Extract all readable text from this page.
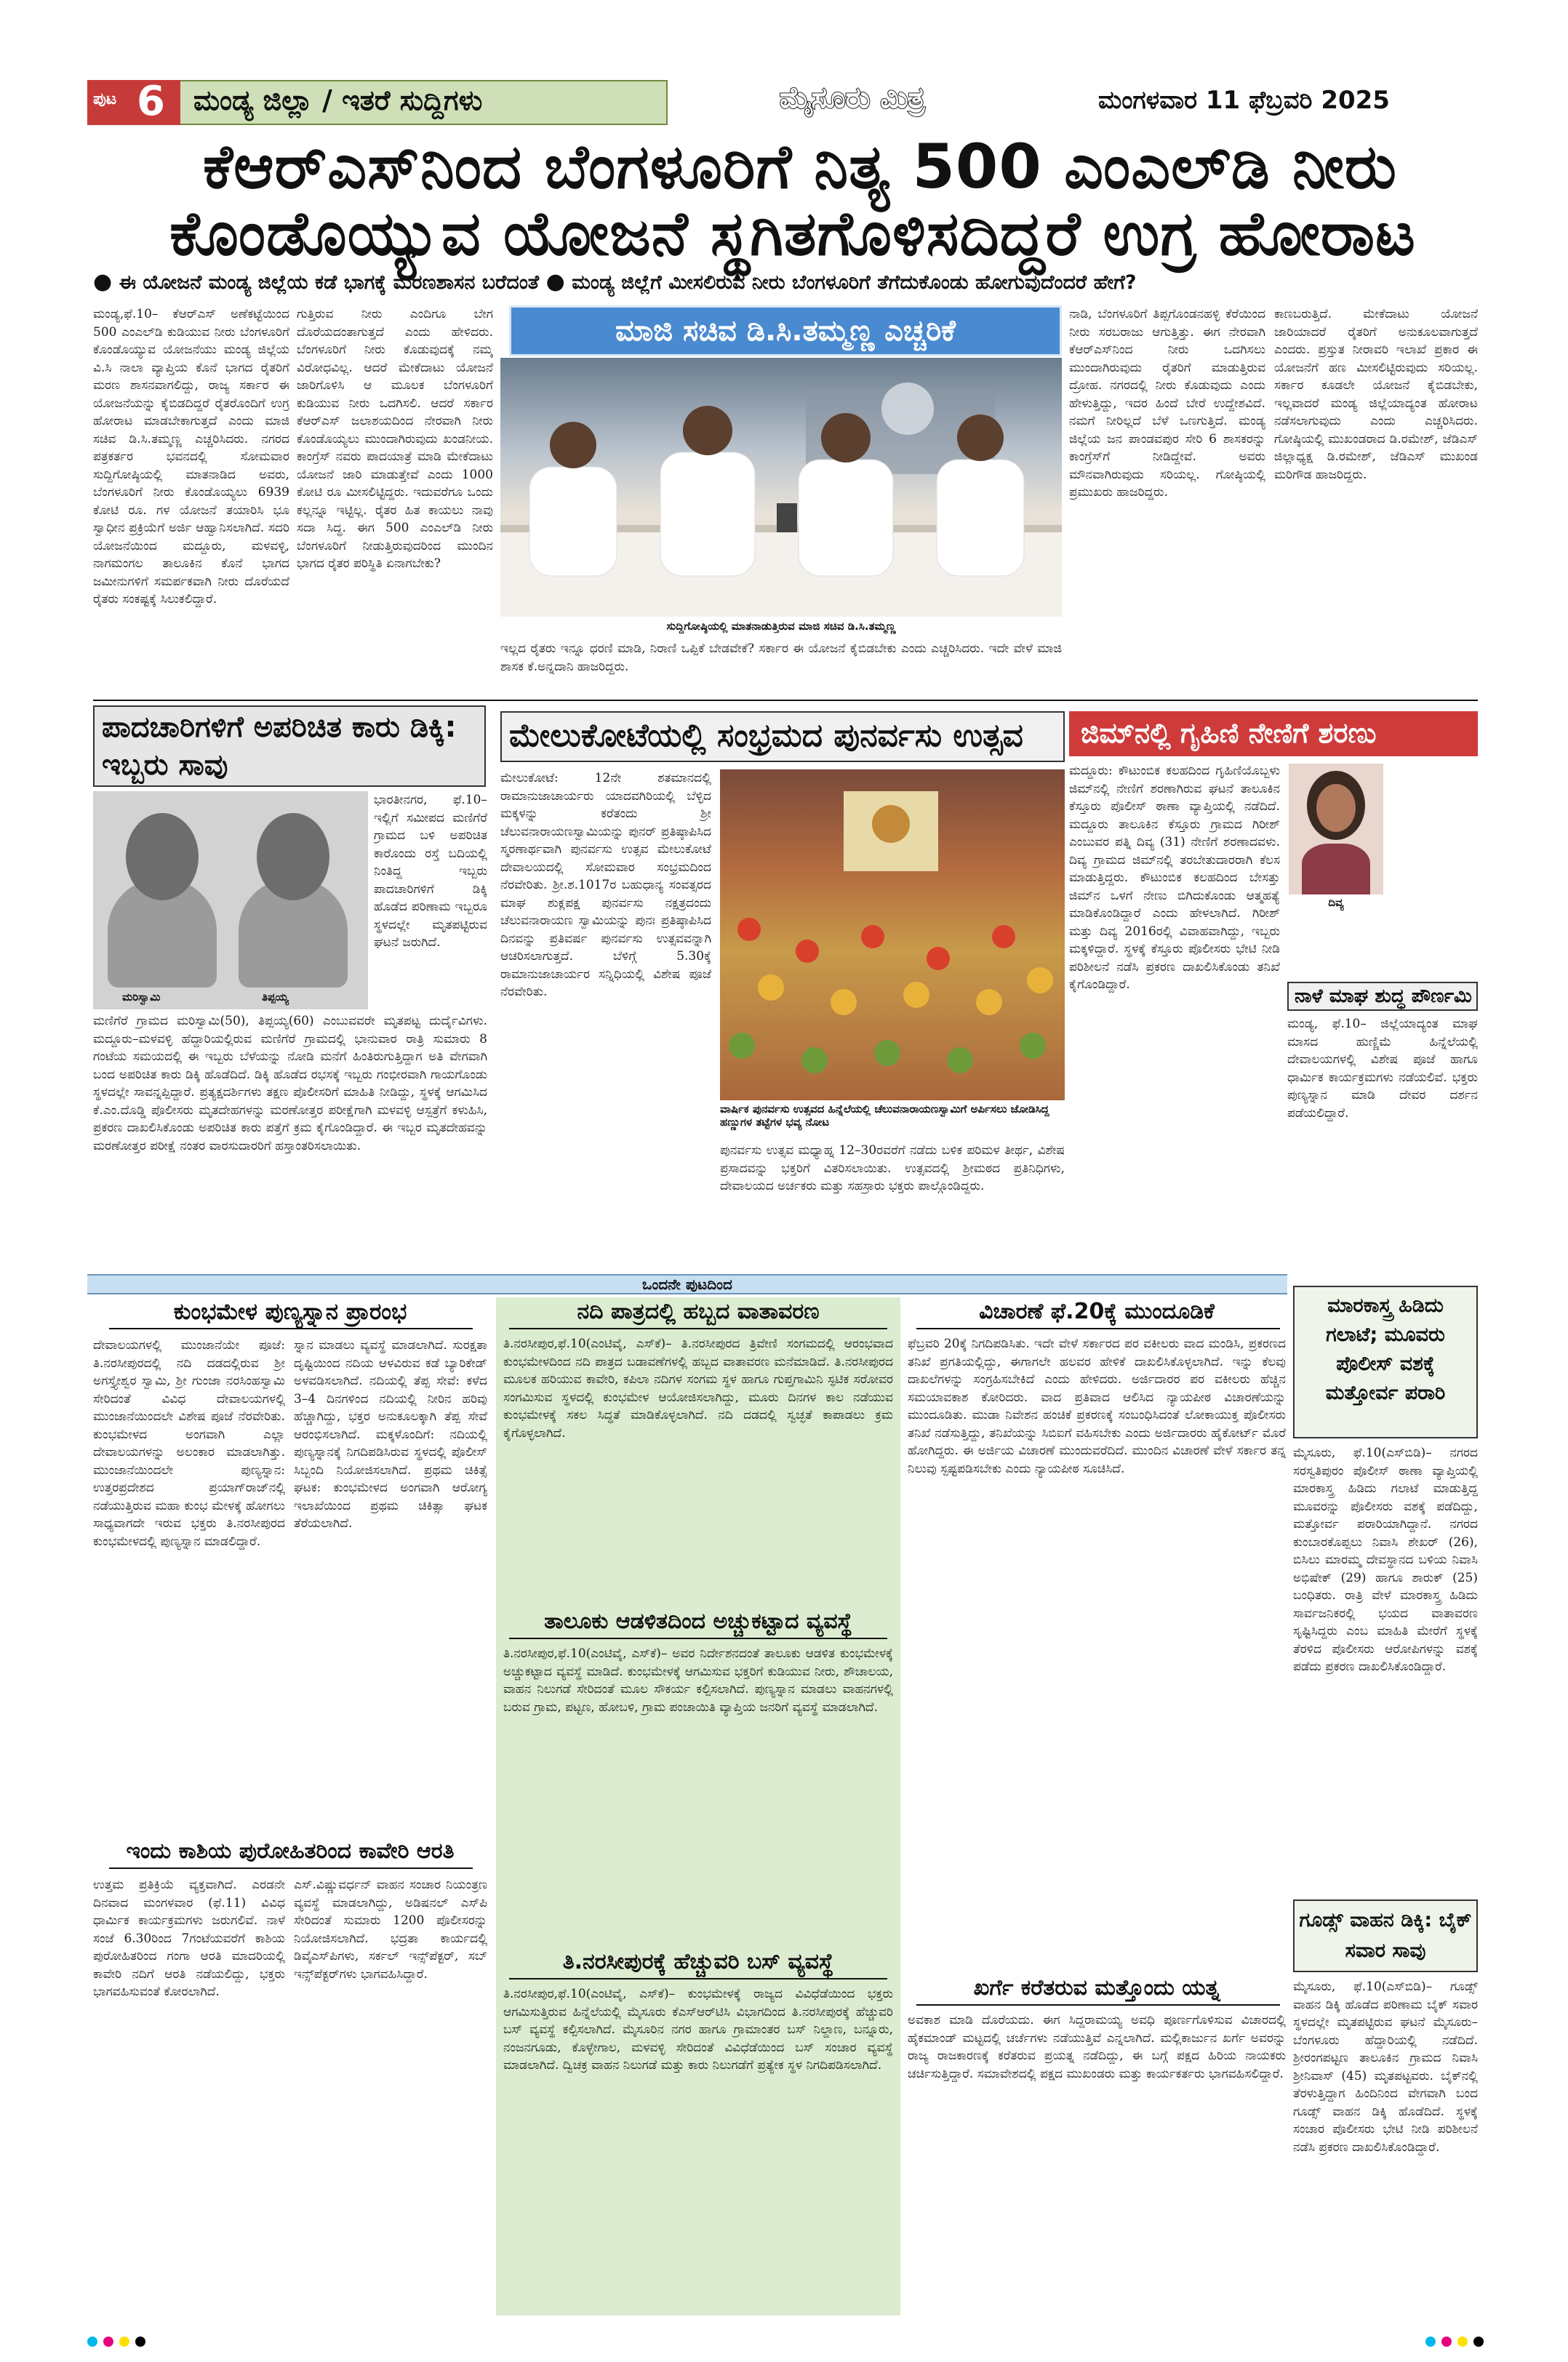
ಪುಟ 6 ಮಂಡ್ಯ ಜಿಲ್ಲಾ / ಇತರೆ ಸುದ್ದಿಗಳು	ಮೈಸೂರು ಮಿತ್ರ	ಮಂಗಳವಾರ 11 ಫೆಬ್ರವರಿ 2025
ಕೆಆರ್‌ಎಸ್‌ನಿಂದ ಬೆಂಗಳೂರಿಗೆ ನಿತ್ಯ 500 ಎಂಎಲ್‌ಡಿ ನೀರು
ಕೊಂಡೊಯ್ಯುವ ಯೋಜನೆ ಸ್ಥಗಿತಗೊಳಿಸದಿದ್ದರೆ ಉಗ್ರ ಹೋರಾಟ
● ಈ ಯೋಜನೆ ಮಂಡ್ಯ ಜಿಲ್ಲೆಯ ಕಡೆ ಭಾಗಕ್ಕೆ ಮರಣಶಾಸನ ಬರೆದಂತೆ ● ಮಂಡ್ಯ ಜಿಲ್ಲೆಗೆ ಮೀಸಲಿರುವ ನೀರು ಬೆಂಗಳೂರಿಗೆ ತೆಗೆದುಕೊಂಡು ಹೋಗುವುದೆಂದರೆ ಹೇಗೆ?
ಮಂಡ್ಯ,ಫೆ.10– ಕೆಆರ್‌ಎಸ್ ಅಣೆಕಟ್ಟೆಯಿಂದ 500 ಎಂಎಲ್‌ಡಿ ಕುಡಿಯುವ ನೀರು ಬೆಂಗಳೂರಿಗೆ ಕೊಂಡೊಯ್ಯುವ ಯೋಜನೆಯು ಮಂಡ್ಯ ಜಿಲ್ಲೆಯ ವಿ.ಸಿ ನಾಲಾ ವ್ಯಾಪ್ತಿಯ ಕೊನೆ ಭಾಗದ ರೈತರಿಗೆ ಮರಣ ಶಾಸನವಾಗಲಿದ್ದು, ರಾಜ್ಯ ಸರ್ಕಾರ ಈ ಯೋಜನೆಯನ್ನು ಕೈಬಿಡದಿದ್ದರೆ ರೈತರೊಂದಿಗೆ ಉಗ್ರ ಹೋರಾಟ ಮಾಡಬೇಕಾಗುತ್ತದೆ ಎಂದು ಮಾಜಿ ಸಚಿವ ಡಿ.ಸಿ.ತಮ್ಮಣ್ಣ ಎಚ್ಚರಿಸಿದರು. ನಗರದ ಪತ್ರಕರ್ತರ ಭವನದಲ್ಲಿ ಸೋಮವಾರ ಸುದ್ದಿಗೋಷ್ಠಿಯಲ್ಲಿ ಮಾತನಾಡಿದ ಅವರು, ಬೆಂಗಳೂರಿಗೆ ನೀರು ಕೊಂಡೊಯ್ಯಲು 6939 ಕೋಟಿ ರೂ. ಗಳ ಯೋಜನೆ ತಯಾರಿಸಿ ಭೂ ಸ್ವಾಧೀನ ಪ್ರಕ್ರಿಯೆಗೆ ಅರ್ಜಿ ಆಹ್ವಾನಿಸಲಾಗಿದೆ. ಸದರಿ ಯೋಜನೆಯಿಂದ ಮದ್ದೂರು, ಮಳವಳ್ಳಿ, ನಾಗಮಂಗಲ ತಾಲೂಕಿನ ಕೊನೆ ಭಾಗದ ಜಮೀನುಗಳಿಗೆ ಸಮರ್ಪಕವಾಗಿ ನೀರು ದೊರೆಯದೆ ರೈತರು ಸಂಕಷ್ಟಕ್ಕೆ ಸಿಲುಕಲಿದ್ದಾರೆ.
ಗುತ್ತಿರುವ ನೀರು ಎಂದಿಗೂ ಬೇಗ ದೊರೆಯದಂತಾಗುತ್ತದೆ ಎಂದು ಹೇಳಿದರು. ಬೆಂಗಳೂರಿಗೆ ನೀರು ಕೊಡುವುದಕ್ಕೆ ನಮ್ಮ ವಿರೋಧವಿಲ್ಲ. ಆದರೆ ಮೇಕೆದಾಟು ಯೋಜನೆ ಜಾರಿಗೊಳಿಸಿ ಆ ಮೂಲಕ ಬೆಂಗಳೂರಿಗೆ ಕುಡಿಯುವ ನೀರು ಒದಗಿಸಲಿ. ಆದರೆ ಸರ್ಕಾರ ಕೆಆರ್‌ಎಸ್ ಜಲಾಶಯದಿಂದ ನೇರವಾಗಿ ನೀರು ಕೊಂಡೊಯ್ಯಲು ಮುಂದಾಗಿರುವುದು ಖಂಡನೀಯ. ಕಾಂಗ್ರೆಸ್ ನವರು ಪಾದಯಾತ್ರೆ ಮಾಡಿ ಮೇಕೆದಾಟು ಯೋಜನೆ ಜಾರಿ ಮಾಡುತ್ತೇವೆ ಎಂದು 1000 ಕೋಟಿ ರೂ ಮೀಸಲಿಟ್ಟಿದ್ದರು. ಇದುವರೆಗೂ ಒಂದು ಕಲ್ಲನ್ನೂ ಇಟ್ಟಿಲ್ಲ. ರೈತರ ಹಿತ ಕಾಯಲು ನಾವು ಸದಾ ಸಿದ್ಧ. ಈಗ 500 ಎಂಎಲ್‌ಡಿ ನೀರು ಬೆಂಗಳೂರಿಗೆ ನೀಡುತ್ತಿರುವುದರಿಂದ ಮುಂದಿನ ಭಾಗದ ರೈತರ ಪರಿಸ್ಥಿತಿ ಏನಾಗಬೇಕು?
ಮಾಜಿ ಸಚಿವ ಡಿ.ಸಿ.ತಮ್ಮಣ್ಣ ಎಚ್ಚರಿಕೆ
ಸುದ್ದಿಗೋಷ್ಠಿಯಲ್ಲಿ ಮಾತನಾಡುತ್ತಿರುವ ಮಾಜಿ ಸಚಿವ ಡಿ.ಸಿ.ತಮ್ಮಣ್ಣ
ಇಲ್ಲದ ರೈತರು ಇನ್ನೂ ಧರಣಿ ಮಾಡಿ, ನಿರಾಣಿ ಒಪ್ಪಿಕೆ ಬೇಡವೇಕೆ? ಸರ್ಕಾರ ಈ ಯೋಜನೆ ಕೈಬಿಡಬೇಕು ಎಂದು ಎಚ್ಚರಿಸಿದರು. ಇದೇ ವೇಳೆ ಮಾಜಿ ಶಾಸಕ ಕೆ.ಅನ್ನದಾನಿ ಹಾಜರಿದ್ದರು.
ನಾಡಿ, ಬೆಂಗಳೂರಿಗೆ ತಿಪ್ಪಗೊಂಡನಹಳ್ಳಿ ಕೆರೆಯಿಂದ ನೀರು ಸರಬರಾಜು ಆಗುತ್ತಿತ್ತು. ಈಗ ನೇರವಾಗಿ ಕೆಆರ್‌ಎಸ್‌ನಿಂದ ನೀರು ಒದಗಿಸಲು ಮುಂದಾಗಿರುವುದು ರೈತರಿಗೆ ಮಾಡುತ್ತಿರುವ ದ್ರೋಹ. ನಗರದಲ್ಲಿ ನೀರು ಕೊಡುವುದು ಎಂದು ಹೇಳುತ್ತಿದ್ದು, ಇದರ ಹಿಂದೆ ಬೇರೆ ಉದ್ದೇಶವಿದೆ. ನಮಗೆ ನೀರಿಲ್ಲದೆ ಬೆಳೆ ಒಣಗುತ್ತಿದೆ. ಮಂಡ್ಯ ಜಿಲ್ಲೆಯ ಜನ ಪಾಂಡವಪುರ ಸೇರಿ 6 ಶಾಸಕರನ್ನು ಕಾಂಗ್ರೆಸ್‌ಗೆ ನೀಡಿದ್ದೇವೆ. ಅವರು ಮೌನವಾಗಿರುವುದು ಸರಿಯಲ್ಲ. ಗೋಷ್ಠಿಯಲ್ಲಿ ಪ್ರಮುಖರು ಹಾಜರಿದ್ದರು.
ಕಾಣಬರುತ್ತಿದೆ. ಮೇಕೆದಾಟು ಯೋಜನೆ ಜಾರಿಯಾದರೆ ರೈತರಿಗೆ ಅನುಕೂಲವಾಗುತ್ತದೆ ಎಂದರು. ಪ್ರಸ್ತುತ ನೀರಾವರಿ ಇಲಾಖೆ ಪ್ರಕಾರ ಈ ಯೋಜನೆಗೆ ಹಣ ಮೀಸಲಿಟ್ಟಿರುವುದು ಸರಿಯಲ್ಲ. ಸರ್ಕಾರ ಕೂಡಲೇ ಯೋಜನೆ ಕೈಬಿಡಬೇಕು, ಇಲ್ಲವಾದರೆ ಮಂಡ್ಯ ಜಿಲ್ಲೆಯಾದ್ಯಂತ ಹೋರಾಟ ನಡೆಸಲಾಗುವುದು ಎಂದು ಎಚ್ಚರಿಸಿದರು. ಗೋಷ್ಠಿಯಲ್ಲಿ ಮುಖಂಡರಾದ ಡಿ.ರಮೇಶ್, ಜೆಡಿಎಸ್ ಜಿಲ್ಲಾಧ್ಯಕ್ಷ ಡಿ.ರಮೇಶ್, ಜೆಡಿಎಸ್ ಮುಖಂಡ ಮರಿಗೌಡ ಹಾಜರಿದ್ದರು.
ಪಾದಚಾರಿಗಳಿಗೆ ಅಪರಿಚಿತ ಕಾರು ಡಿಕ್ಕಿ: ಇಬ್ಬರು ಸಾವು
ಮರಿಸ್ವಾಮಿ	ತಿಪ್ಪಯ್ಯ
ಭಾರತೀನಗರ, ಫೆ.10– ಇಲ್ಲಿಗೆ ಸಮೀಪದ ಮಣಿಗೆರೆ ಗ್ರಾಮದ ಬಳಿ ಅಪರಿಚಿತ ಕಾರೊಂದು ರಸ್ತೆ ಬದಿಯಲ್ಲಿ ನಿಂತಿದ್ದ ಇಬ್ಬರು ಪಾದಚಾರಿಗಳಿಗೆ ಡಿಕ್ಕಿ ಹೊಡೆದ ಪರಿಣಾಮ ಇಬ್ಬರೂ ಸ್ಥಳದಲ್ಲೇ ಮೃತಪಟ್ಟಿರುವ ಘಟನೆ ಜರುಗಿದೆ.
ಮಣಿಗೆರೆ ಗ್ರಾಮದ ಮರಿಸ್ವಾಮಿ(50), ತಿಪ್ಪಯ್ಯ(60) ಎಂಬುವವರೇ ಮೃತಪಟ್ಟ ದುರ್ದೈವಿಗಳು. ಮದ್ದೂರು–ಮಳವಳ್ಳಿ ಹೆದ್ದಾರಿಯಲ್ಲಿರುವ ಮಣಿಗೆರೆ ಗ್ರಾಮದಲ್ಲಿ ಭಾನುವಾರ ರಾತ್ರಿ ಸುಮಾರು 8 ಗಂಟೆಯ ಸಮಯದಲ್ಲಿ ಈ ಇಬ್ಬರು ಬೆಳೆಯನ್ನು ನೋಡಿ ಮನೆಗೆ ಹಿಂತಿರುಗುತ್ತಿದ್ದಾಗ ಅತಿ ವೇಗವಾಗಿ ಬಂದ ಅಪರಿಚಿತ ಕಾರು ಡಿಕ್ಕಿ ಹೊಡೆದಿದೆ. ಡಿಕ್ಕಿ ಹೊಡೆದ ರಭಸಕ್ಕೆ ಇಬ್ಬರು ಗಂಭೀರವಾಗಿ ಗಾಯಗೊಂಡು ಸ್ಥಳದಲ್ಲೇ ಸಾವನ್ನಪ್ಪಿದ್ದಾರೆ. ಪ್ರತ್ಯಕ್ಷದರ್ಶಿಗಳು ತಕ್ಷಣ ಪೊಲೀಸರಿಗೆ ಮಾಹಿತಿ ನೀಡಿದ್ದು, ಸ್ಥಳಕ್ಕೆ ಆಗಮಿಸಿದ ಕೆ.ಎಂ.ದೊಡ್ಡಿ ಪೊಲೀಸರು ಮೃತದೇಹಗಳನ್ನು ಮರಣೋತ್ತರ ಪರೀಕ್ಷೆಗಾಗಿ ಮಳವಳ್ಳಿ ಆಸ್ಪತ್ರೆಗೆ ಕಳುಹಿಸಿ, ಪ್ರಕರಣ ದಾಖಲಿಸಿಕೊಂಡು ಅಪರಿಚಿತ ಕಾರು ಪತ್ತೆಗೆ ಕ್ರಮ ಕೈಗೊಂಡಿದ್ದಾರೆ. ಈ ಇಬ್ಬರ ಮೃತದೇಹವನ್ನು ಮರಣೋತ್ತರ ಪರೀಕ್ಷೆ ನಂತರ ವಾರಸುದಾರರಿಗೆ ಹಸ್ತಾಂತರಿಸಲಾಯಿತು.
ಮೇಲುಕೋಟೆಯಲ್ಲಿ ಸಂಭ್ರಮದ ಪುನರ್ವಸು ಉತ್ಸವ
ಮೇಲುಕೋಟೆ: 12ನೇ ಶತಮಾನದಲ್ಲಿ ರಾಮಾನುಜಾಚಾರ್ಯರು ಯಾದವಗಿರಿಯಲ್ಲಿ ಬೆಳ್ಳಿದ ಮಕ್ಕಳನ್ನು ಕರೆತಂದು ಶ್ರೀ ಚೆಲುವನಾರಾಯಣಸ್ವಾಮಿಯನ್ನು ಪುನರ್ ಪ್ರತಿಷ್ಠಾಪಿಸಿದ ಸ್ಮರಣಾರ್ಥವಾಗಿ ಪುನರ್ವಸು ಉತ್ಸವ ಮೇಲುಕೋಟೆ ದೇವಾಲಯದಲ್ಲಿ ಸೋಮವಾರ ಸಂಭ್ರಮದಿಂದ ನೆರವೇರಿತು. ಶ್ರೀ.ಶ.1017ರ ಬಹುಧಾನ್ಯ ಸಂವತ್ಸರದ ಮಾಘ ಶುಕ್ಲಪಕ್ಷ ಪುನರ್ವಸು ನಕ್ಷತ್ರದಂದು ಚೆಲುವನಾರಾಯಣ ಸ್ವಾಮಿಯನ್ನು ಪುನಃ ಪ್ರತಿಷ್ಠಾಪಿಸಿದ ದಿನವನ್ನು ಪ್ರತಿವರ್ಷ ಪುನರ್ವಸು ಉತ್ಸವವನ್ನಾಗಿ ಆಚರಿಸಲಾಗುತ್ತದೆ. ಬೆಳಿಗ್ಗೆ 5.30ಕ್ಕೆ ರಾಮಾನುಜಾಚಾರ್ಯರ ಸನ್ನಿಧಿಯಲ್ಲಿ ವಿಶೇಷ ಪೂಜೆ ನೆರವೇರಿತು.
ವಾರ್ಷಿಕ ಪುನರ್ವಸು ಉತ್ಸವದ ಹಿನ್ನೆಲೆಯಲ್ಲಿ ಚೆಲುವನಾರಾಯಣಸ್ವಾಮಿಗೆ ಅರ್ಪಿಸಲು ಜೋಡಿಸಿದ್ದ ಹಣ್ಣುಗಳ ತಟ್ಟೆಗಳ ಭವ್ಯ ನೋಟ
ಪುನರ್ವಸು ಉತ್ಸವ ಮಧ್ಯಾಹ್ನ 12–30ರವರೆಗೆ ನಡೆದು ಬಳಿಕ ಪರಿಮಳ ತೀರ್ಥ, ವಿಶೇಷ ಪ್ರಸಾದವನ್ನು ಭಕ್ತರಿಗೆ ವಿತರಿಸಲಾಯಿತು. ಉತ್ಸವದಲ್ಲಿ ಶ್ರೀಮಠದ ಪ್ರತಿನಿಧಿಗಳು, ದೇವಾಲಯದ ಅರ್ಚಕರು ಮತ್ತು ಸಹಸ್ರಾರು ಭಕ್ತರು ಪಾಲ್ಗೊಂಡಿದ್ದರು.
ಜಿಮ್‌ನಲ್ಲಿ ಗೃಹಿಣಿ ನೇಣಿಗೆ ಶರಣು
ಮದ್ದೂರು: ಕೌಟುಂಬಿಕ ಕಲಹದಿಂದ ಗೃಹಿಣಿಯೊಬ್ಬಳು ಜಿಮ್‌ನಲ್ಲಿ ನೇಣಿಗೆ ಶರಣಾಗಿರುವ ಘಟನೆ ತಾಲೂಕಿನ ಕೆಸ್ತೂರು ಪೊಲೀಸ್ ಠಾಣಾ ವ್ಯಾಪ್ತಿಯಲ್ಲಿ ನಡೆದಿದೆ. ಮದ್ದೂರು ತಾಲೂಕಿನ ಕೆಸ್ತೂರು ಗ್ರಾಮದ ಗಿರೀಶ್ ಎಂಬುವರ ಪತ್ನಿ ದಿವ್ಯ (31) ನೇಣಿಗೆ ಶರಣಾದವಳು. ದಿವ್ಯ ಗ್ರಾಮದ ಜಿಮ್‌ನಲ್ಲಿ ತರಬೇತುದಾರರಾಗಿ ಕೆಲಸ ಮಾಡುತ್ತಿದ್ದರು. ಕೌಟುಂಬಿಕ ಕಲಹದಿಂದ ಬೇಸತ್ತು ಜಿಮ್‌ನ ಒಳಗೆ ನೇಣು ಬಿಗಿದುಕೊಂಡು ಆತ್ಮಹತ್ಯೆ ಮಾಡಿಕೊಂಡಿದ್ದಾರೆ ಎಂದು ಹೇಳಲಾಗಿದೆ. ಗಿರೀಶ್ ಮತ್ತು ದಿವ್ಯ 2016ರಲ್ಲಿ ವಿವಾಹವಾಗಿದ್ದು, ಇಬ್ಬರು ಮಕ್ಕಳಿದ್ದಾರೆ. ಸ್ಥಳಕ್ಕೆ ಕೆಸ್ತೂರು ಪೊಲೀಸರು ಭೇಟಿ ನೀಡಿ ಪರಿಶೀಲನೆ ನಡೆಸಿ ಪ್ರಕರಣ ದಾಖಲಿಸಿಕೊಂಡು ತನಿಖೆ ಕೈಗೊಂಡಿದ್ದಾರೆ.
ದಿವ್ಯ
ನಾಳೆ ಮಾಘ ಶುದ್ಧ ಪೌರ್ಣಮಿ
ಮಂಡ್ಯ, ಫೆ.10– ಜಿಲ್ಲೆಯಾದ್ಯಂತ ಮಾಘ ಮಾಸದ ಹುಣ್ಣಿಮೆ ಹಿನ್ನೆಲೆಯಲ್ಲಿ ದೇವಾಲಯಗಳಲ್ಲಿ ವಿಶೇಷ ಪೂಜೆ ಹಾಗೂ ಧಾರ್ಮಿಕ ಕಾರ್ಯಕ್ರಮಗಳು ನಡೆಯಲಿವೆ. ಭಕ್ತರು ಪುಣ್ಯಸ್ನಾನ ಮಾಡಿ ದೇವರ ದರ್ಶನ ಪಡೆಯಲಿದ್ದಾರೆ.
ಒಂದನೇ ಪುಟದಿಂದ
ಕುಂಭಮೇಳ ಪುಣ್ಯಸ್ನಾನ ಪ್ರಾರಂಭ
ದೇವಾಲಯಗಳಲ್ಲಿ ಮುಂಜಾನೆಯೇ ಪೂಜೆ: ತಿ.ನರಸೀಪುರದಲ್ಲಿ ನದಿ ದಡದಲ್ಲಿರುವ ಶ್ರೀ ಅಗಸ್ತ್ಯೇಶ್ವರ ಸ್ವಾಮಿ, ಶ್ರೀ ಗುಂಜಾ ನರಸಿಂಹಸ್ವಾಮಿ ಸೇರಿದಂತೆ ವಿವಿಧ ದೇವಾಲಯಗಳಲ್ಲಿ ಮುಂಜಾನೆಯಿಂದಲೇ ವಿಶೇಷ ಪೂಜೆ ನೆರವೇರಿತು. ಕುಂಭಮೇಳದ ಅಂಗವಾಗಿ ಎಲ್ಲಾ ದೇವಾಲಯಗಳನ್ನು ಅಲಂಕಾರ ಮಾಡಲಾಗಿತ್ತು. ಮುಂಜಾನೆಯಿಂದಲೇ ಪುಣ್ಯಸ್ನಾನ: ಉತ್ತರಪ್ರದೇಶದ ಪ್ರಯಾಗ್‌ರಾಜ್‌ನಲ್ಲಿ ನಡೆಯುತ್ತಿರುವ ಮಹಾ ಕುಂಭ ಮೇಳಕ್ಕೆ ಹೋಗಲು ಸಾಧ್ಯವಾಗದೇ ಇರುವ ಭಕ್ತರು ತಿ.ನರಸೀಪುರದ ಕುಂಭಮೇಳದಲ್ಲಿ ಪುಣ್ಯಸ್ನಾನ ಮಾಡಲಿದ್ದಾರೆ.
ಸ್ನಾನ ಮಾಡಲು ವ್ಯವಸ್ಥೆ ಮಾಡಲಾಗಿದೆ. ಸುರಕ್ಷತಾ ದೃಷ್ಟಿಯಿಂದ ನದಿಯ ಆಳವಿರುವ ಕಡೆ ಬ್ಯಾರಿಕೇಡ್ ಅಳವಡಿಸಲಾಗಿದೆ. ನದಿಯಲ್ಲಿ ತೆಪ್ಪ ಸೇವೆ: ಕಳೆದ 3–4 ದಿನಗಳಿಂದ ನದಿಯಲ್ಲಿ ನೀರಿನ ಹರಿವು ಹೆಚ್ಚಾಗಿದ್ದು, ಭಕ್ತರ ಅನುಕೂಲಕ್ಕಾಗಿ ತೆಪ್ಪ ಸೇವೆ ಆರಂಭಿಸಲಾಗಿದೆ. ಮಕ್ಕಳೊಂದಿಗೆ: ನದಿಯಲ್ಲಿ ಪುಣ್ಯಸ್ನಾನಕ್ಕೆ ನಿಗದಿಪಡಿಸಿರುವ ಸ್ಥಳದಲ್ಲಿ ಪೊಲೀಸ್ ಸಿಬ್ಬಂದಿ ನಿಯೋಜಿಸಲಾಗಿದೆ. ಪ್ರಥಮ ಚಿಕಿತ್ಸೆ ಘಟಕ: ಕುಂಭಮೇಳದ ಅಂಗವಾಗಿ ಆರೋಗ್ಯ ಇಲಾಖೆಯಿಂದ ಪ್ರಥಮ ಚಿಕಿತ್ಸಾ ಘಟಕ ತೆರೆಯಲಾಗಿದೆ.
ಇಂದು ಕಾಶಿಯ ಪುರೋಹಿತರಿಂದ ಕಾವೇರಿ ಆರತಿ
ಉತ್ತಮ ಪ್ರತಿಕ್ರಿಯೆ ವ್ಯಕ್ತವಾಗಿದೆ. ಎರಡನೇ ದಿನವಾದ ಮಂಗಳವಾರ (ಫೆ.11) ವಿವಿಧ ಧಾರ್ಮಿಕ ಕಾರ್ಯಕ್ರಮಗಳು ಜರುಗಲಿವೆ. ನಾಳೆ ಸಂಜೆ 6.30ರಿಂದ 7ಗಂಟೆಯವರೆಗೆ ಕಾಶಿಯ ಪುರೋಹಿತರಿಂದ ಗಂಗಾ ಆರತಿ ಮಾದರಿಯಲ್ಲಿ ಕಾವೇರಿ ನದಿಗೆ ಆರತಿ ನಡೆಯಲಿದ್ದು, ಭಕ್ತರು ಭಾಗವಹಿಸುವಂತೆ ಕೋರಲಾಗಿದೆ.
ಎಸ್.ವಿಷ್ಣುವರ್ಧನ್ ವಾಹನ ಸಂಚಾರ ನಿಯಂತ್ರಣ ವ್ಯವಸ್ಥೆ ಮಾಡಲಾಗಿದ್ದು, ಅಡಿಷನಲ್ ಎಸ್‌ಪಿ ಸೇರಿದಂತೆ ಸುಮಾರು 1200 ಪೊಲೀಸರನ್ನು ನಿಯೋಜಿಸಲಾಗಿದೆ. ಭದ್ರತಾ ಕಾರ್ಯದಲ್ಲಿ ಡಿವೈಎಸ್‌ಪಿಗಳು, ಸರ್ಕಲ್ ಇನ್ಸ್‌ಪೆಕ್ಟರ್, ಸಬ್ ಇನ್ಸ್‌ಪೆಕ್ಟರ್‌ಗಳು ಭಾಗವಹಿಸಿದ್ದಾರೆ.
ನದಿ ಪಾತ್ರದಲ್ಲಿ ಹಬ್ಬದ ವಾತಾವರಣ
ತಿ.ನರಸೀಪುರ,ಫೆ.10(ಎಂಟಿವೈ, ಎಸ್‌ಕೆ)– ತಿ.ನರಸೀಪುರದ ತ್ರಿವೇಣಿ ಸಂಗಮದಲ್ಲಿ ಆರಂಭವಾದ ಕುಂಭಮೇಳದಿಂದ ನದಿ ಪಾತ್ರದ ಬಡಾವಣೆಗಳಲ್ಲಿ ಹಬ್ಬದ ವಾತಾವರಣ ಮನೆಮಾಡಿದೆ. ತಿ.ನರಸೀಪುರದ ಮೂಲಕ ಹರಿಯುವ ಕಾವೇರಿ, ಕಪಿಲಾ ನದಿಗಳ ಸಂಗಮ ಸ್ಥಳ ಹಾಗೂ ಗುಪ್ತಗಾಮಿನಿ ಸ್ಫಟಿಕ ಸರೋವರ ಸಂಗಮಿಸುವ ಸ್ಥಳದಲ್ಲಿ ಕುಂಭಮೇಳ ಆಯೋಜಿಸಲಾಗಿದ್ದು, ಮೂರು ದಿನಗಳ ಕಾಲ ನಡೆಯುವ ಕುಂಭಮೇಳಕ್ಕೆ ಸಕಲ ಸಿದ್ಧತೆ ಮಾಡಿಕೊಳ್ಳಲಾಗಿದೆ. ನದಿ ದಡದಲ್ಲಿ ಸ್ವಚ್ಛತೆ ಕಾಪಾಡಲು ಕ್ರಮ ಕೈಗೊಳ್ಳಲಾಗಿದೆ.
ತಾಲೂಕು ಆಡಳಿತದಿಂದ ಅಚ್ಚುಕಟ್ಟಾದ ವ್ಯವಸ್ಥೆ
ತಿ.ನರಸೀಪುರ,ಫೆ.10(ಎಂಟಿವೈ, ಎಸ್‌ಕೆ)– ಅವರ ನಿರ್ದೇಶನದಂತೆ ತಾಲೂಕು ಆಡಳಿತ ಕುಂಭಮೇಳಕ್ಕೆ ಅಚ್ಚುಕಟ್ಟಾದ ವ್ಯವಸ್ಥೆ ಮಾಡಿದೆ. ಕುಂಭಮೇಳಕ್ಕೆ ಆಗಮಿಸುವ ಭಕ್ತರಿಗೆ ಕುಡಿಯುವ ನೀರು, ಶೌಚಾಲಯ, ವಾಹನ ನಿಲುಗಡೆ ಸೇರಿದಂತೆ ಮೂಲ ಸೌಕರ್ಯ ಕಲ್ಪಿಸಲಾಗಿದೆ. ಪುಣ್ಯಸ್ನಾನ ಮಾಡಲು ವಾಹನಗಳಲ್ಲಿ ಬರುವ ಗ್ರಾಮ, ಪಟ್ಟಣ, ಹೋಬಳಿ, ಗ್ರಾಮ ಪಂಚಾಯಿತಿ ವ್ಯಾಪ್ತಿಯ ಜನರಿಗೆ ವ್ಯವಸ್ಥೆ ಮಾಡಲಾಗಿದೆ.
ತಿ.ನರಸೀಪುರಕ್ಕೆ ಹೆಚ್ಚುವರಿ ಬಸ್ ವ್ಯವಸ್ಥೆ
ತಿ.ನರಸೀಪುರ,ಫೆ.10(ಎಂಟಿವೈ, ಎಸ್‌ಕೆ)– ಕುಂಭಮೇಳಕ್ಕೆ ರಾಜ್ಯದ ವಿವಿಧೆಡೆಯಿಂದ ಭಕ್ತರು ಆಗಮಿಸುತ್ತಿರುವ ಹಿನ್ನೆಲೆಯಲ್ಲಿ ಮೈಸೂರು ಕೆಎಸ್‌ಆರ್‌ಟಿಸಿ ವಿಭಾಗದಿಂದ ತಿ.ನರಸೀಪುರಕ್ಕೆ ಹೆಚ್ಚುವರಿ ಬಸ್ ವ್ಯವಸ್ಥೆ ಕಲ್ಪಿಸಲಾಗಿದೆ. ಮೈಸೂರಿನ ನಗರ ಹಾಗೂ ಗ್ರಾಮಾಂತರ ಬಸ್ ನಿಲ್ದಾಣ, ಬನ್ನೂರು, ನಂಜನಗೂಡು, ಕೊಳ್ಳೇಗಾಲ, ಮಳವಳ್ಳಿ ಸೇರಿದಂತೆ ವಿವಿಧೆಡೆಯಿಂದ ಬಸ್ ಸಂಚಾರ ವ್ಯವಸ್ಥೆ ಮಾಡಲಾಗಿದೆ. ದ್ವಿಚಕ್ರ ವಾಹನ ನಿಲುಗಡೆ ಮತ್ತು ಕಾರು ನಿಲುಗಡೆಗೆ ಪ್ರತ್ಯೇಕ ಸ್ಥಳ ನಿಗದಿಪಡಿಸಲಾಗಿದೆ.
ವಿಚಾರಣೆ ಫೆ.20ಕ್ಕೆ ಮುಂದೂಡಿಕೆ
ಫೆಬ್ರವರಿ 20ಕ್ಕೆ ನಿಗದಿಪಡಿಸಿತು. ಇದೇ ವೇಳೆ ಸರ್ಕಾರದ ಪರ ವಕೀಲರು ವಾದ ಮಂಡಿಸಿ, ಪ್ರಕರಣದ ತನಿಖೆ ಪ್ರಗತಿಯಲ್ಲಿದ್ದು, ಈಗಾಗಲೇ ಹಲವರ ಹೇಳಿಕೆ ದಾಖಲಿಸಿಕೊಳ್ಳಲಾಗಿದೆ. ಇನ್ನು ಕೆಲವು ದಾಖಲೆಗಳನ್ನು ಸಂಗ್ರಹಿಸಬೇಕಿದೆ ಎಂದು ಹೇಳಿದರು. ಅರ್ಜಿದಾರರ ಪರ ವಕೀಲರು ಹೆಚ್ಚಿನ ಸಮಯಾವಕಾಶ ಕೋರಿದರು. ವಾದ ಪ್ರತಿವಾದ ಆಲಿಸಿದ ನ್ಯಾಯಪೀಠ ವಿಚಾರಣೆಯನ್ನು ಮುಂದೂಡಿತು. ಮುಡಾ ನಿವೇಶನ ಹಂಚಿಕೆ ಪ್ರಕರಣಕ್ಕೆ ಸಂಬಂಧಿಸಿದಂತೆ ಲೋಕಾಯುಕ್ತ ಪೊಲೀಸರು ತನಿಖೆ ನಡೆಸುತ್ತಿದ್ದು, ತನಿಖೆಯನ್ನು ಸಿಬಿಐಗೆ ವಹಿಸಬೇಕು ಎಂದು ಅರ್ಜಿದಾರರು ಹೈಕೋರ್ಟ್ ಮೊರೆ ಹೋಗಿದ್ದರು. ಈ ಅರ್ಜಿಯ ವಿಚಾರಣೆ ಮುಂದುವರೆದಿದೆ. ಮುಂದಿನ ವಿಚಾರಣೆ ವೇಳೆ ಸರ್ಕಾರ ತನ್ನ ನಿಲುವು ಸ್ಪಷ್ಟಪಡಿಸಬೇಕು ಎಂದು ನ್ಯಾಯಪೀಠ ಸೂಚಿಸಿದೆ.
ಖರ್ಗೆ ಕರೆತರುವ ಮತ್ತೊಂದು ಯತ್ನ
ಅವಕಾಶ ಮಾಡಿ ದೊರೆಯದು. ಈಗ ಸಿದ್ದರಾಮಯ್ಯ ಅವಧಿ ಪೂರ್ಣಗೊಳಿಸುವ ವಿಚಾರದಲ್ಲಿ ಹೈಕಮಾಂಡ್ ಮಟ್ಟದಲ್ಲಿ ಚರ್ಚೆಗಳು ನಡೆಯುತ್ತಿವೆ ಎನ್ನಲಾಗಿದೆ. ಮಲ್ಲಿಕಾರ್ಜುನ ಖರ್ಗೆ ಅವರನ್ನು ರಾಜ್ಯ ರಾಜಕಾರಣಕ್ಕೆ ಕರೆತರುವ ಪ್ರಯತ್ನ ನಡೆದಿದ್ದು, ಈ ಬಗ್ಗೆ ಪಕ್ಷದ ಹಿರಿಯ ನಾಯಕರು ಚರ್ಚಿಸುತ್ತಿದ್ದಾರೆ. ಸಮಾವೇಶದಲ್ಲಿ ಪಕ್ಷದ ಮುಖಂಡರು ಮತ್ತು ಕಾರ್ಯಕರ್ತರು ಭಾಗವಹಿಸಲಿದ್ದಾರೆ.
ಮಾರಕಾಸ್ತ್ರ ಹಿಡಿದು ಗಲಾಟೆ; ಮೂವರು ಪೊಲೀಸ್ ವಶಕ್ಕೆ ಮತ್ತೋರ್ವ ಪರಾರಿ
ಮೈಸೂರು, ಫೆ.10(ಎಸ್‌ಬಿಡಿ)– ನಗರದ ಸರಸ್ವತಿಪುರಂ ಪೊಲೀಸ್ ಠಾಣಾ ವ್ಯಾಪ್ತಿಯಲ್ಲಿ ಮಾರಕಾಸ್ತ್ರ ಹಿಡಿದು ಗಲಾಟೆ ಮಾಡುತ್ತಿದ್ದ ಮೂವರನ್ನು ಪೊಲೀಸರು ವಶಕ್ಕೆ ಪಡೆದಿದ್ದು, ಮತ್ತೋರ್ವ ಪರಾರಿಯಾಗಿದ್ದಾನೆ. ನಗರದ ಕುಂಬಾರಕೊಪ್ಪಲು ನಿವಾಸಿ ಶೇಖರ್ (26), ಬಿಸಿಲು ಮಾರಮ್ಮ ದೇವಸ್ಥಾನದ ಬಳಿಯ ನಿವಾಸಿ ಅಭಿಷೇಕ್ (29) ಹಾಗೂ ಶಾರುಕ್ (25) ಬಂಧಿತರು. ರಾತ್ರಿ ವೇಳೆ ಮಾರಕಾಸ್ತ್ರ ಹಿಡಿದು ಸಾರ್ವಜನಿಕರಲ್ಲಿ ಭಯದ ವಾತಾವರಣ ಸೃಷ್ಟಿಸಿದ್ದರು ಎಂಬ ಮಾಹಿತಿ ಮೇರೆಗೆ ಸ್ಥಳಕ್ಕೆ ತೆರಳಿದ ಪೊಲೀಸರು ಆರೋಪಿಗಳನ್ನು ವಶಕ್ಕೆ ಪಡೆದು ಪ್ರಕರಣ ದಾಖಲಿಸಿಕೊಂಡಿದ್ದಾರೆ.
ಗೂಡ್ಸ್ ವಾಹನ ಡಿಕ್ಕಿ: ಬೈಕ್ ಸವಾರ ಸಾವು
ಮೈಸೂರು, ಫೆ.10(ಎಸ್‌ಬಿಡಿ)– ಗೂಡ್ಸ್ ವಾಹನ ಡಿಕ್ಕಿ ಹೊಡೆದ ಪರಿಣಾಮ ಬೈಕ್ ಸವಾರ ಸ್ಥಳದಲ್ಲೇ ಮೃತಪಟ್ಟಿರುವ ಘಟನೆ ಮೈಸೂರು–ಬೆಂಗಳೂರು ಹೆದ್ದಾರಿಯಲ್ಲಿ ನಡೆದಿದೆ. ಶ್ರೀರಂಗಪಟ್ಟಣ ತಾಲೂಕಿನ ಗ್ರಾಮದ ನಿವಾಸಿ ಶ್ರೀನಿವಾಸ್ (45) ಮೃತಪಟ್ಟವರು. ಬೈಕ್‌ನಲ್ಲಿ ತೆರಳುತ್ತಿದ್ದಾಗ ಹಿಂದಿನಿಂದ ವೇಗವಾಗಿ ಬಂದ ಗೂಡ್ಸ್ ವಾಹನ ಡಿಕ್ಕಿ ಹೊಡೆದಿದೆ. ಸ್ಥಳಕ್ಕೆ ಸಂಚಾರ ಪೊಲೀಸರು ಭೇಟಿ ನೀಡಿ ಪರಿಶೀಲನೆ ನಡೆಸಿ ಪ್ರಕರಣ ದಾಖಲಿಸಿಕೊಂಡಿದ್ದಾರೆ.
